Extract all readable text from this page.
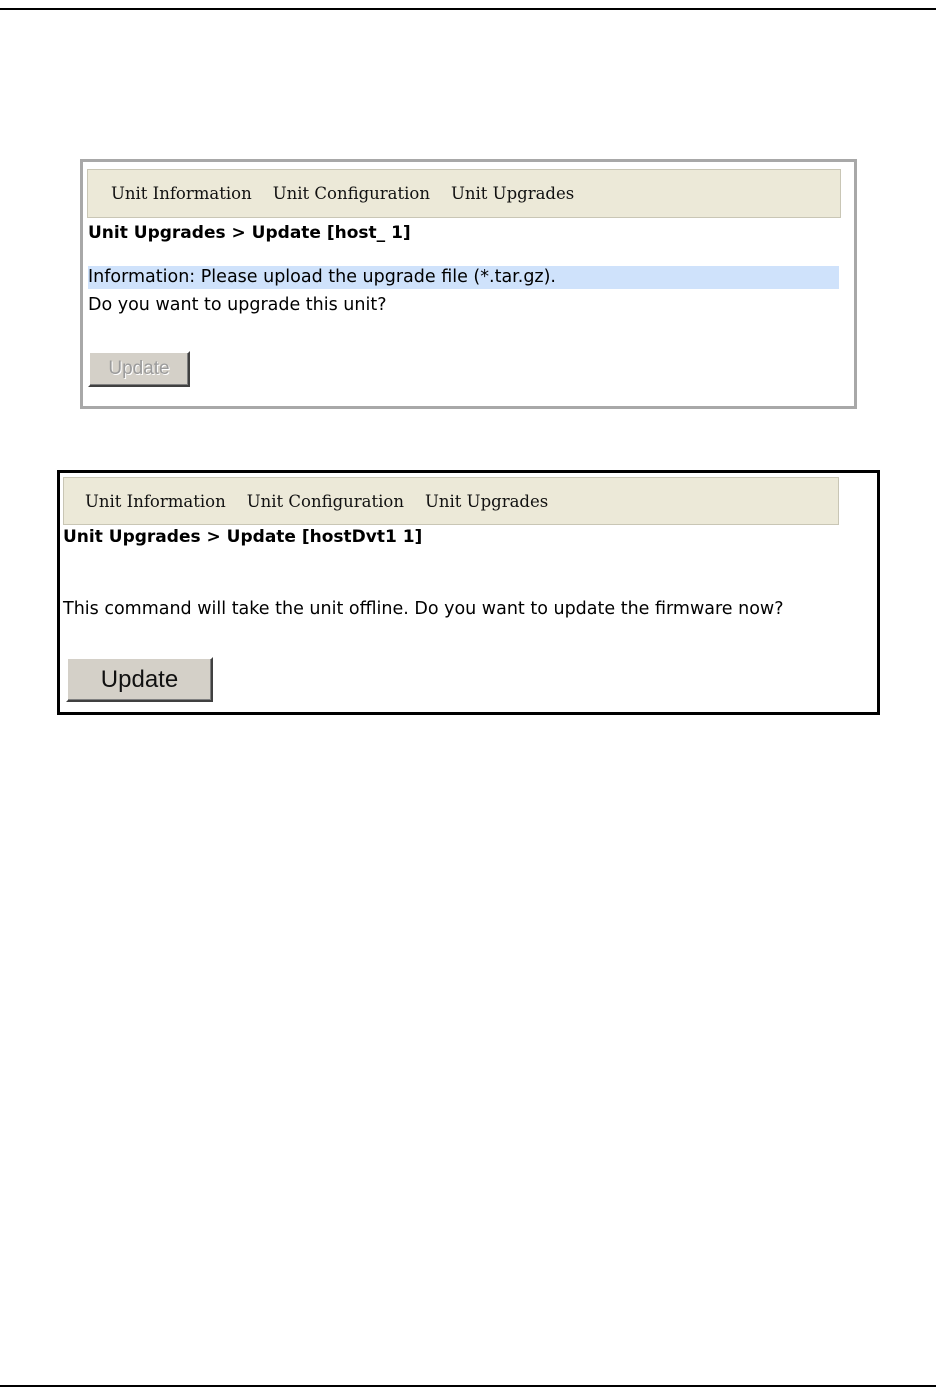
Unit Information Unit Configuration Unit Upgrades
Unit Upgrades > Update [host_ 1]
Information: Please upload the upgrade file (*.tar.gz).
Do you want to upgrade this unit?
Update
Unit Information Unit Configuration Unit Upgrades
Unit Upgrades > Update [hostDvt1 1]
This command will take the unit offline. Do you want to update the firmware now?
Update
